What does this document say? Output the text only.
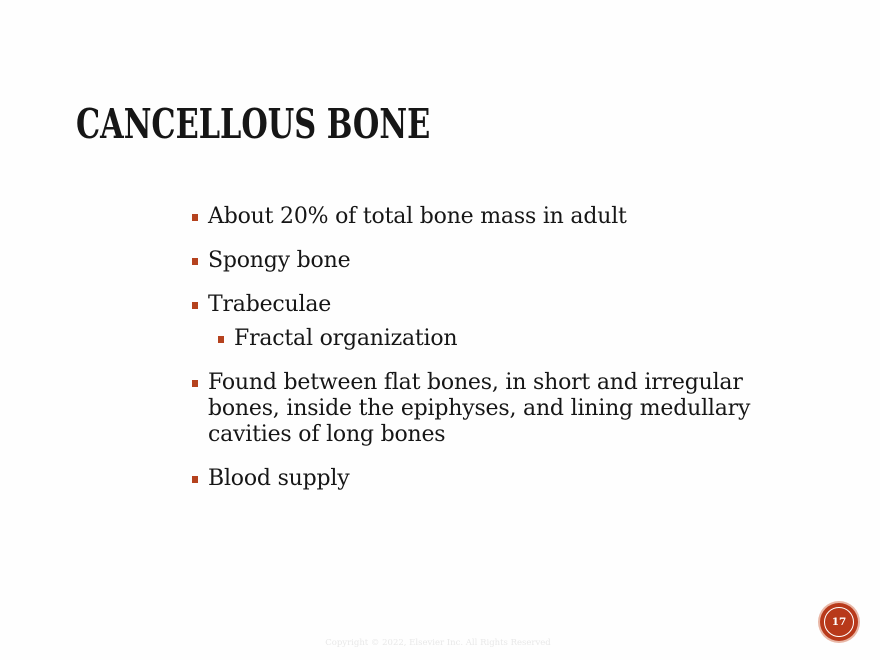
CANCELLOUS BONE
About 20% of total bone mass in adult
Spongy bone
Trabeculae
Fractal organization
Found between flat bones, in short and irregular bones, inside the epiphyses, and lining medullary cavities of long bones
Blood supply
Copyright © 2022, Elsevier Inc. All Rights Reserved
17
